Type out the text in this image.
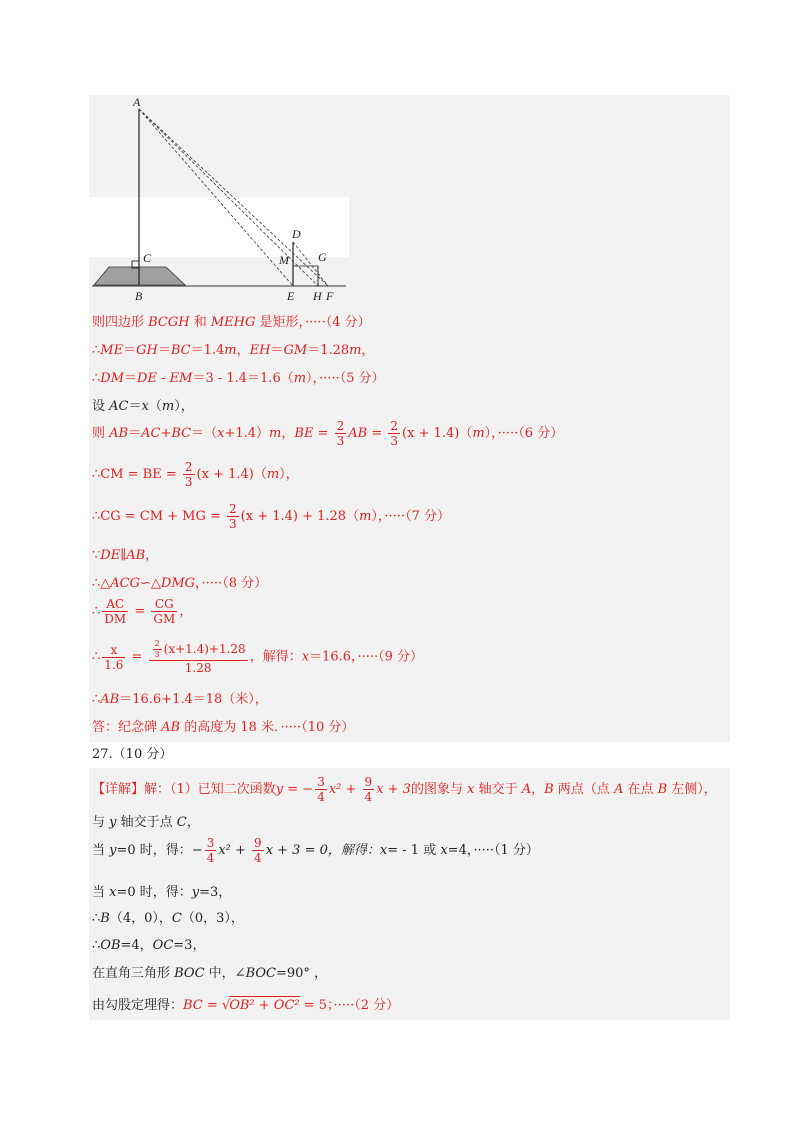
A
C
B
D
M G
E H F
则四边形 BCGH 和 MEHG 是矩形，·····（4 分）
∴ME＝GH＝BC＝1.4m，EH＝GM＝1.28m，
∴DM＝DE - EM＝3 - 1.4＝1.6（m），·····（5 分）
设 AC＝x（m），
则 AB＝AC+BC＝（x+1.4）m，BE = $\frac{2}{3}$ AB = $\frac{2}{3} (x + 1.4)(m)$，·····（6 分）
∴CM = BE = $\frac{2}{3} (x + 1.4)(m)$，
∴CG = CM + MG = $\frac{2}{3} (x + 1.4) + 1.28(m)$，·····（7 分）
∵DE∥AB，
∴△ACG∽△DMG，·····（8 分）
∴ $\frac{AC}{DM} = \frac{CG}{GM}$ ，
∴ $\frac{x}{1.6} = \frac{\frac{2}{3} (x+1.4)+1.28}{1.28}$ ，解得：x＝16.6，·····（9 分）
∴AB＝16.6+1.4＝18（米），
答：纪念碑 AB 的高度为 18 米．·····（10 分）
27.（10 分）
【详解】解：（1）已知二次函数y = − $\frac{3}{4} x^2 + \frac{9}{4}$ x + 3的图象与 x 轴交于 A，B 两点（点 A 在点 B 左侧），
与 y 轴交于点 C，
当 y=0 时，得：− $\frac{3}{4} x^2 + \frac{9}{4}$ x + 3 = 0，解得：x= - 1 或 x=4，·····（1 分）
当 x=0 时，得：y=3，
∴B（4，0），C（0，3），
∴OB=4，OC=3，
在直角三角形 BOC 中，∠BOC=90° ，
由勾股定理得：BC = √OB² + OC² = 5；·····（2 分）
